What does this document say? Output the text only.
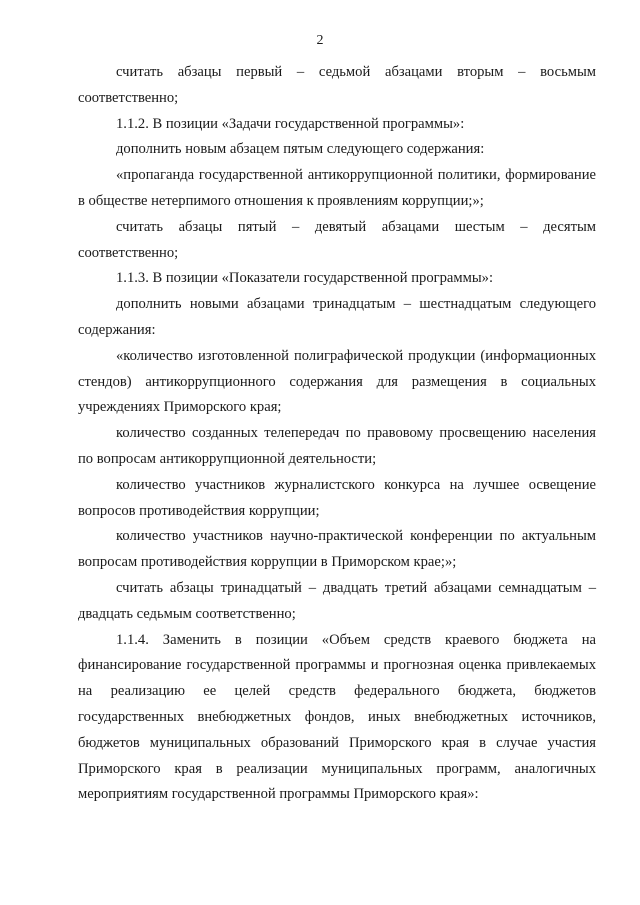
2

считать абзацы первый – седьмой абзацами вторым – восьмым соответственно;

1.1.2. В позиции «Задачи государственной программы»:

дополнить новым абзацем пятым следующего содержания:

«пропаганда государственной антикоррупционной политики, формирование в обществе нетерпимого отношения к проявлениям коррупции;»;

считать абзацы пятый – девятый абзацами шестым – десятым соответственно;

1.1.3. В позиции «Показатели государственной программы»:

дополнить новыми абзацами тринадцатым – шестнадцатым следующего содержания:

«количество изготовленной полиграфической продукции (информационных стендов) антикоррупционного содержания для размещения в социальных учреждениях Приморского края;

количество созданных телепередач по правовому просвещению населения по вопросам антикоррупционной деятельности;

количество участников журналистского конкурса на лучшее освещение вопросов противодействия коррупции;

количество участников научно-практической конференции по актуальным вопросам противодействия коррупции в Приморском крае;»;

считать абзацы тринадцатый – двадцать третий абзацами семнадцатым – двадцать седьмым соответственно;

1.1.4. Заменить в позиции «Объем средств краевого бюджета на финансирование государственной программы и прогнозная оценка привлекаемых на реализацию ее целей средств федерального бюджета, бюджетов государственных внебюджетных фондов, иных внебюджетных источников, бюджетов муниципальных образований Приморского края в случае участия Приморского края в реализации муниципальных программ, аналогичных мероприятиям государственной программы Приморского края»:
